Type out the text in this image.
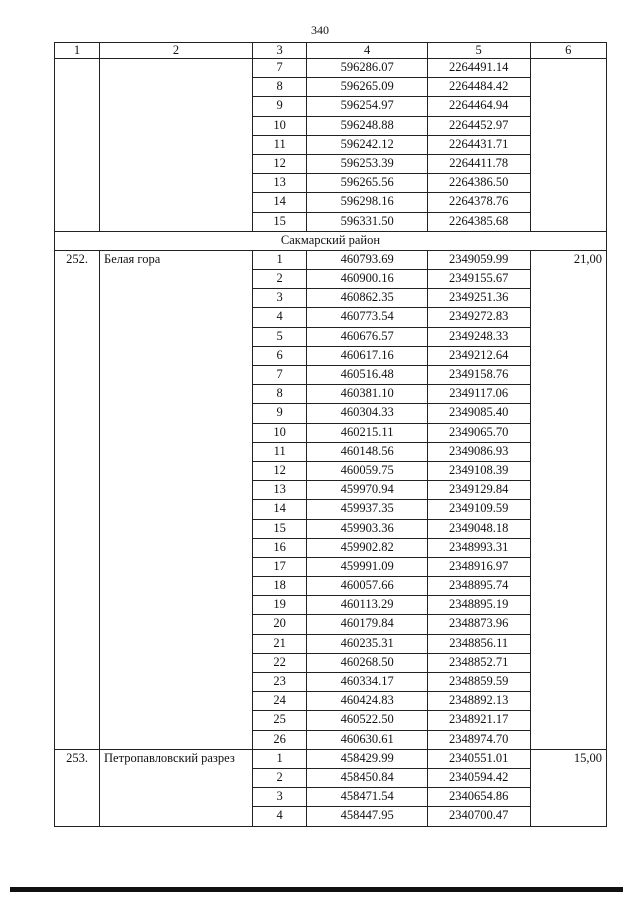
340
1	2	3	4	5	6
		7	596286.07	2264491.14	
		8	596265.09	2264484.42	
		9	596254.97	2264464.94	
		10	596248.88	2264452.97	
		11	596242.12	2264431.71	
		12	596253.39	2264411.78	
		13	596265.56	2264386.50	
		14	596298.16	2264378.76	
		15	596331.50	2264385.68	
Сакмарский район					
252.	Белая гора	1	460793.69	2349059.99	21,00
		2	460900.16	2349155.67	
		3	460862.35	2349251.36	
		4	460773.54	2349272.83	
		5	460676.57	2349248.33	
		6	460617.16	2349212.64	
		7	460516.48	2349158.76	
		8	460381.10	2349117.06	
		9	460304.33	2349085.40	
		10	460215.11	2349065.70	
		11	460148.56	2349086.93	
		12	460059.75	2349108.39	
		13	459970.94	2349129.84	
		14	459937.35	2349109.59	
		15	459903.36	2349048.18	
		16	459902.82	2348993.31	
		17	459991.09	2348916.97	
		18	460057.66	2348895.74	
		19	460113.29	2348895.19	
		20	460179.84	2348873.96	
		21	460235.31	2348856.11	
		22	460268.50	2348852.71	
		23	460334.17	2348859.59	
		24	460424.83	2348892.13	
		25	460522.50	2348921.17	
		26	460630.61	2348974.70	
253.	Петропавловский разрез	1	458429.99	2340551.01	15,00
		2	458450.84	2340594.42	
		3	458471.54	2340654.86	
		4	458447.95	2340700.47	
